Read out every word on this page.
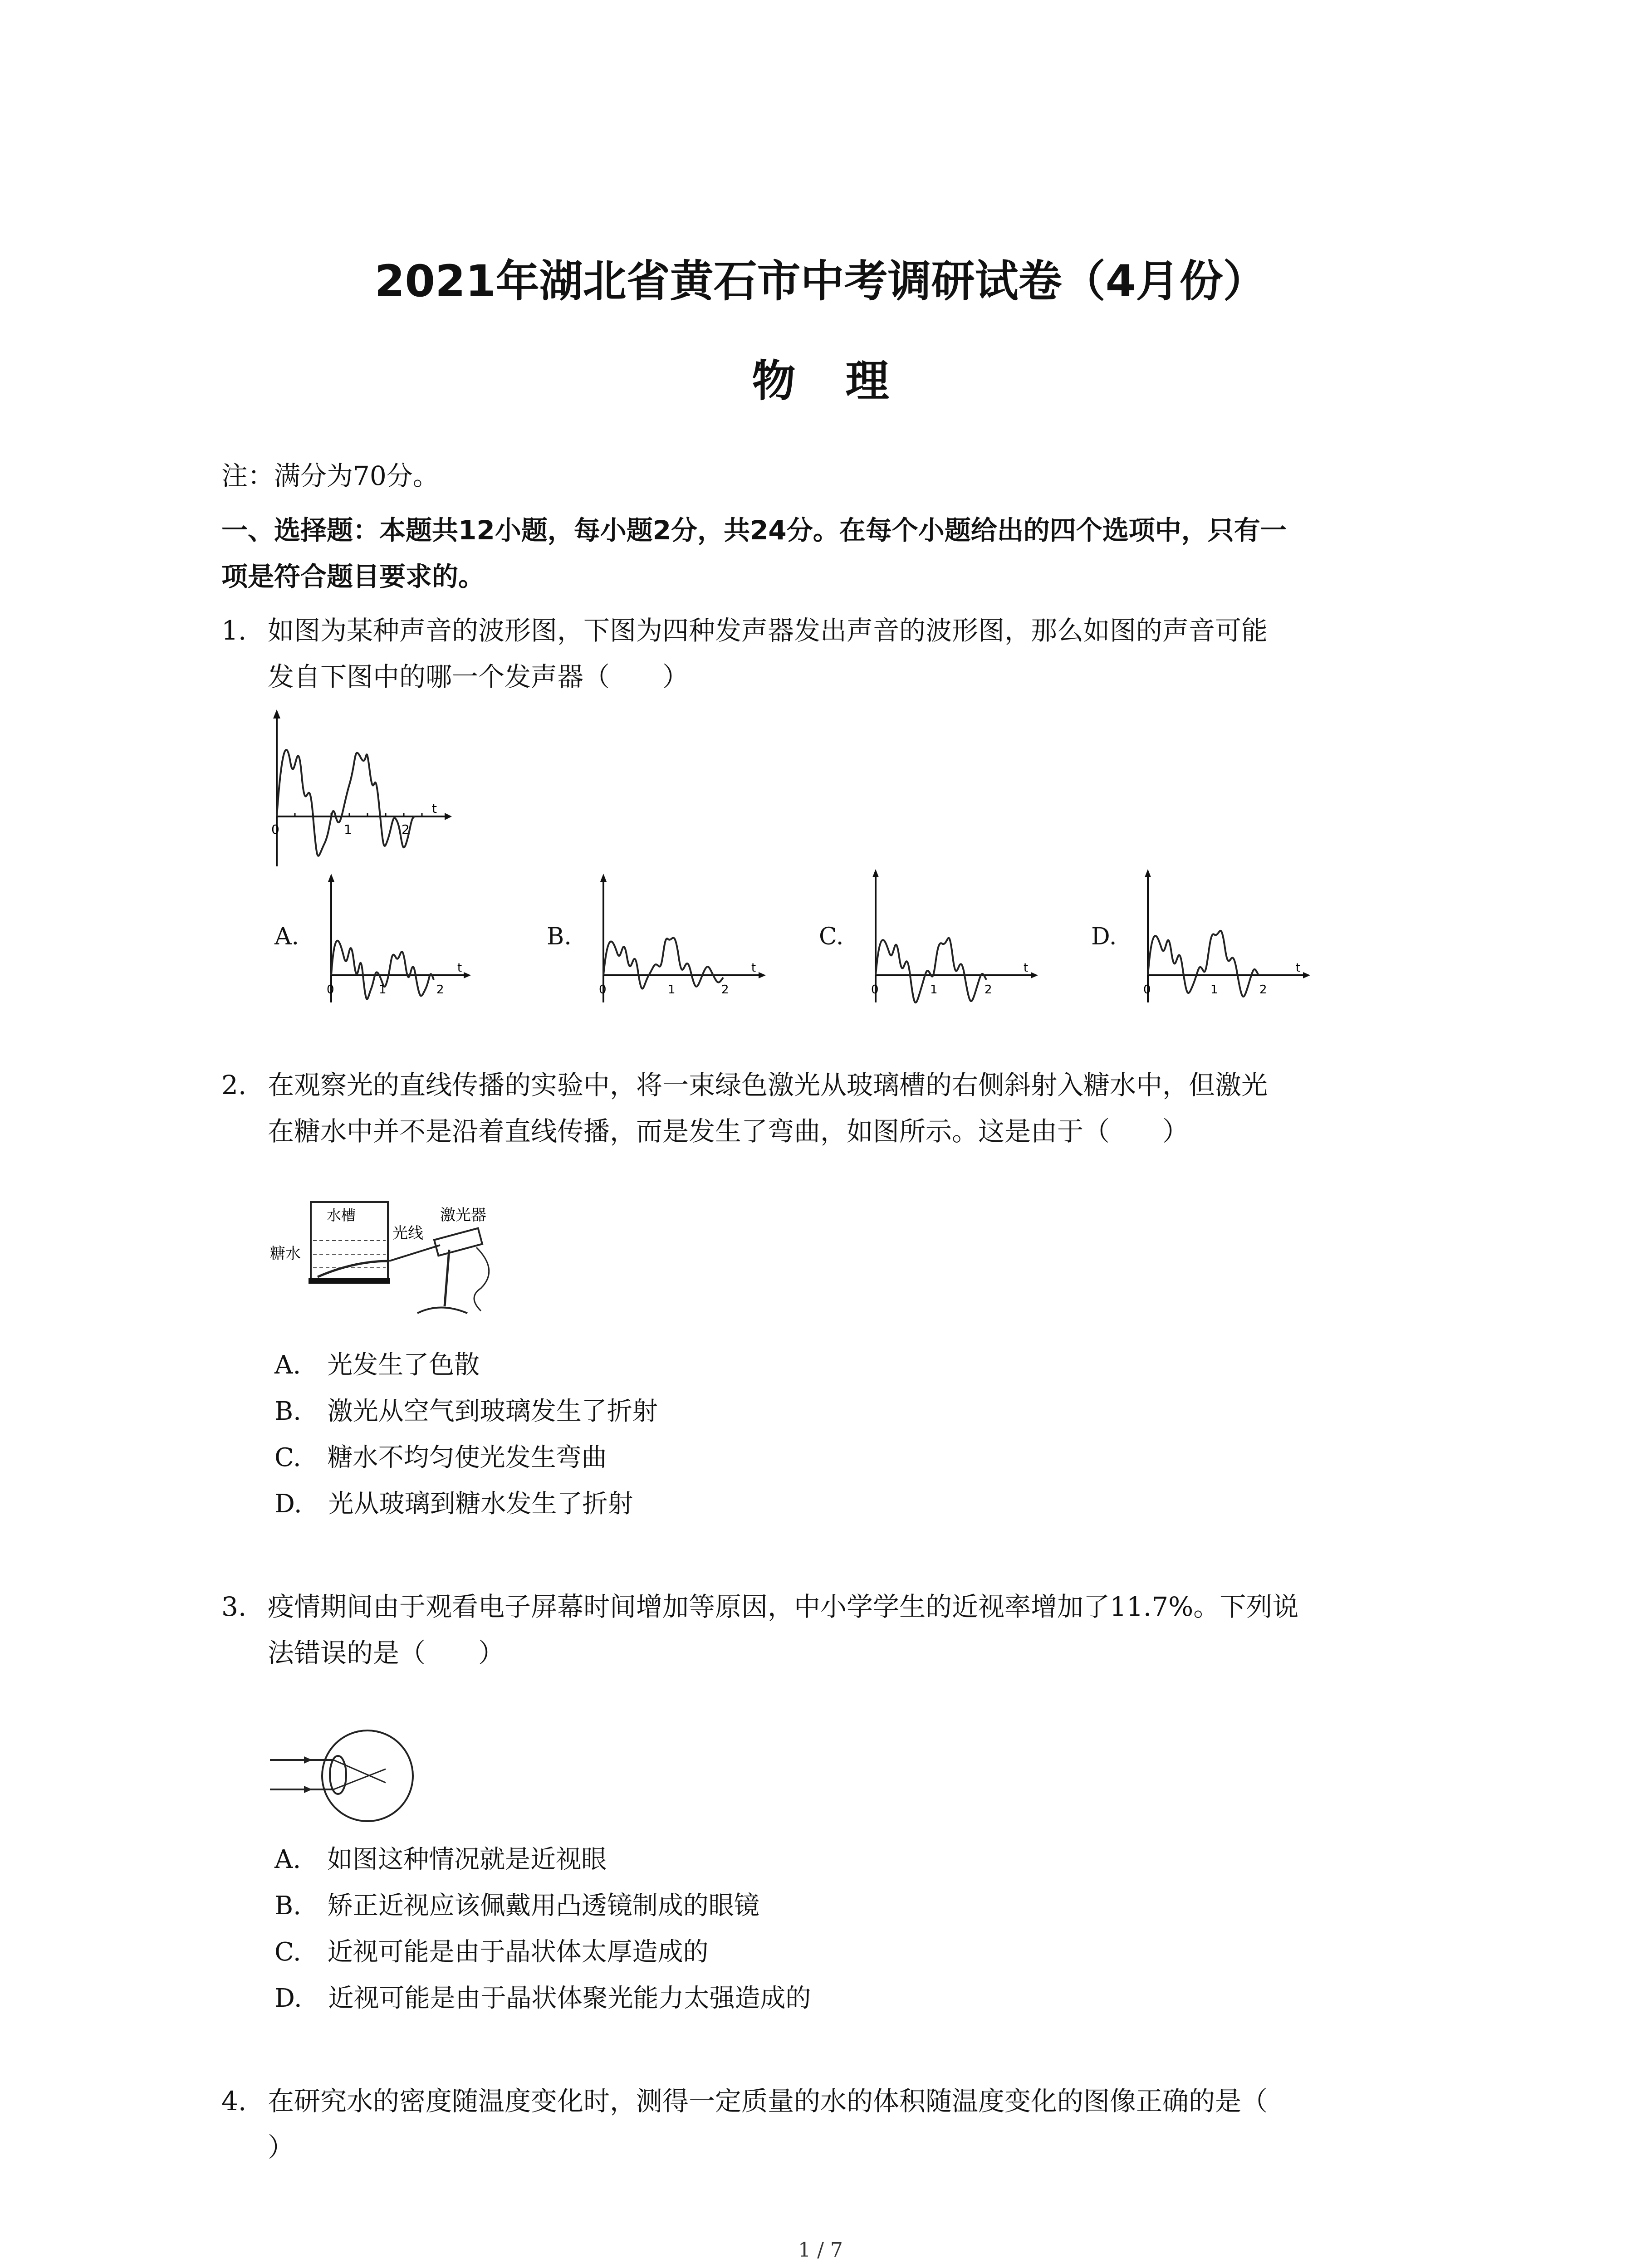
2021年湖北省黄石市中考调研试卷（4月份）
物理
注：满分为70分。
一、选择题：本题共12小题，每小题2分，共24分。在每个小题给出的四个选项中，只有一
项是符合题目要求的。
1. 如图为某种声音的波形图，下图为四种发声器发出声音的波形图，那么如图的声音可能
发自下图中的哪一个发声器（　　）
0	1	2
t
A.
0	1	2
t
B.
0	1	2
t
C.
0	1	2
t
D.
0	1	2
t
2. 在观察光的直线传播的实验中，将一束绿色激光从玻璃槽的右侧斜射入糖水中，但激光
在糖水中并不是沿着直线传播，而是发生了弯曲，如图所示。这是由于（　　）
水槽
糖水
光线
激光器
A. 光发生了色散
B. 激光从空气到玻璃发生了折射
C. 糖水不均匀使光发生弯曲
D. 光从玻璃到糖水发生了折射
3. 疫情期间由于观看电子屏幕时间增加等原因，中小学学生的近视率增加了11.7%。下列说
法错误的是（　　）
A. 如图这种情况就是近视眼
B. 矫正近视应该佩戴用凸透镜制成的眼镜
C. 近视可能是由于晶状体太厚造成的
D. 近视可能是由于晶状体聚光能力太强造成的
4. 在研究水的密度随温度变化时，测得一定质量的水的体积随温度变化的图像正确的是（
）
1 / 7
